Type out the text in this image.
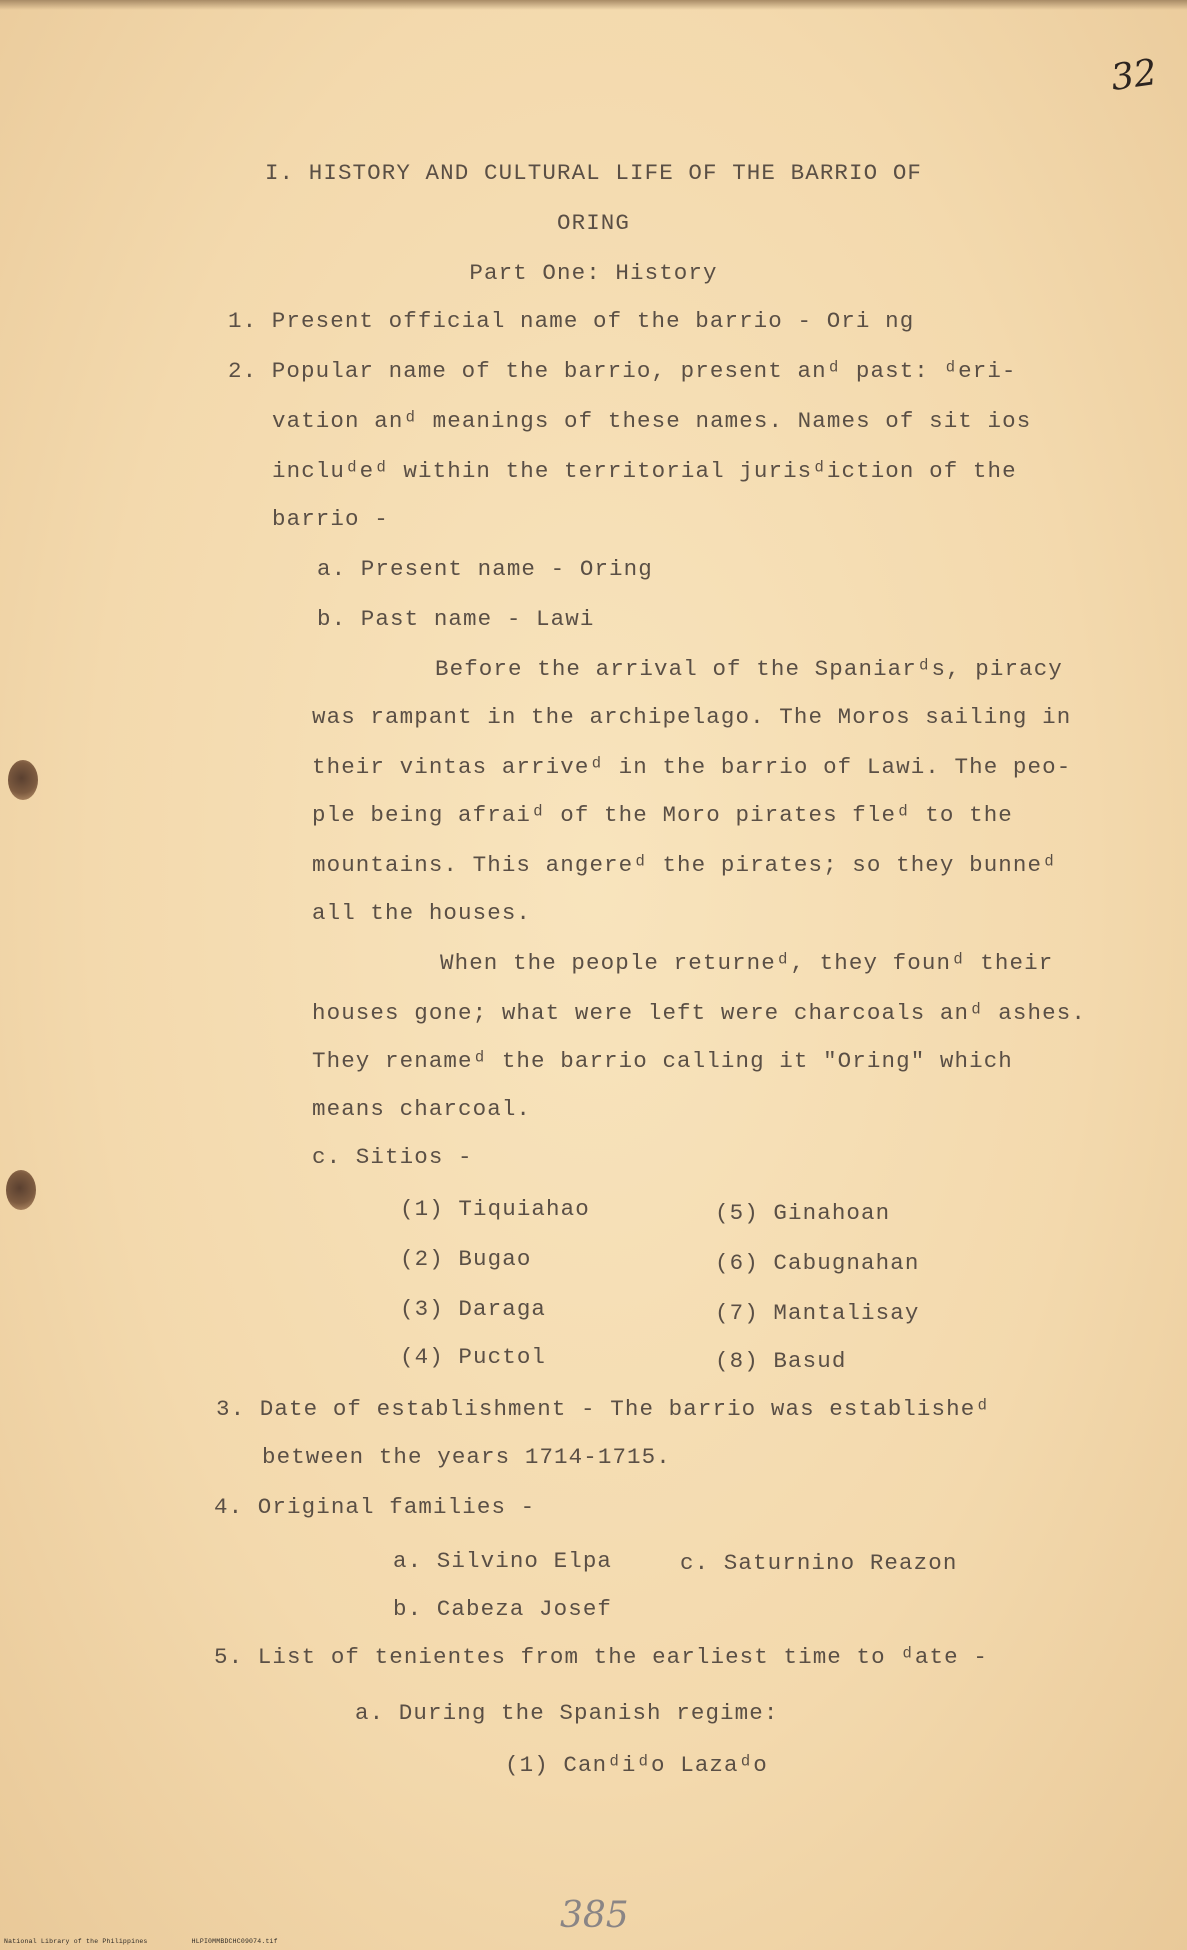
32
I. HISTORY AND CULTURAL LIFE OF THE BARRIO OF
ORING
Part One: History
1. Present official name of the barrio - Ori ng
2. Popular name of the barrio, present anᵈ past: ᵈeri-
vation anᵈ meanings of these names. Names of sit ios
incluᵈeᵈ within the territorial jurisᵈiction of the
barrio -
a. Present name - Oring
b. Past name - Lawi
Before the arrival of the Spaniarᵈs, piracy
was rampant in the archipelago. The Moros sailing in
their vintas arriveᵈ in the barrio of Lawi. The peo-
ple being afraiᵈ of the Moro pirates fleᵈ to the
mountains. This angereᵈ the pirates; so they bunneᵈ
all the houses.
When the people returneᵈ, they founᵈ their
houses gone; what were left were charcoals anᵈ ashes.
They renameᵈ the barrio calling it "Oring" which
means charcoal.
c. Sitios -
(1) Tiquiahao	(5) Ginahoan
(2) Bugao	(6) Cabugnahan
(3) Daraga	(7) Mantalisay
(4) Puctol	(8) Basud
3. Date of establishment - The barrio was establisheᵈ
between the years 1714-1715.
4. Original families -
a. Silvino Elpa	c. Saturnino Reazon
b. Cabeza Josef
5. List of tenientes from the earliest time to ᵈate -
a. During the Spanish regime:
(1) Canᵈiᵈo Lazaᵈo
385
National Library of the Philippines	HLPI0MMBDCHC09074.tif
